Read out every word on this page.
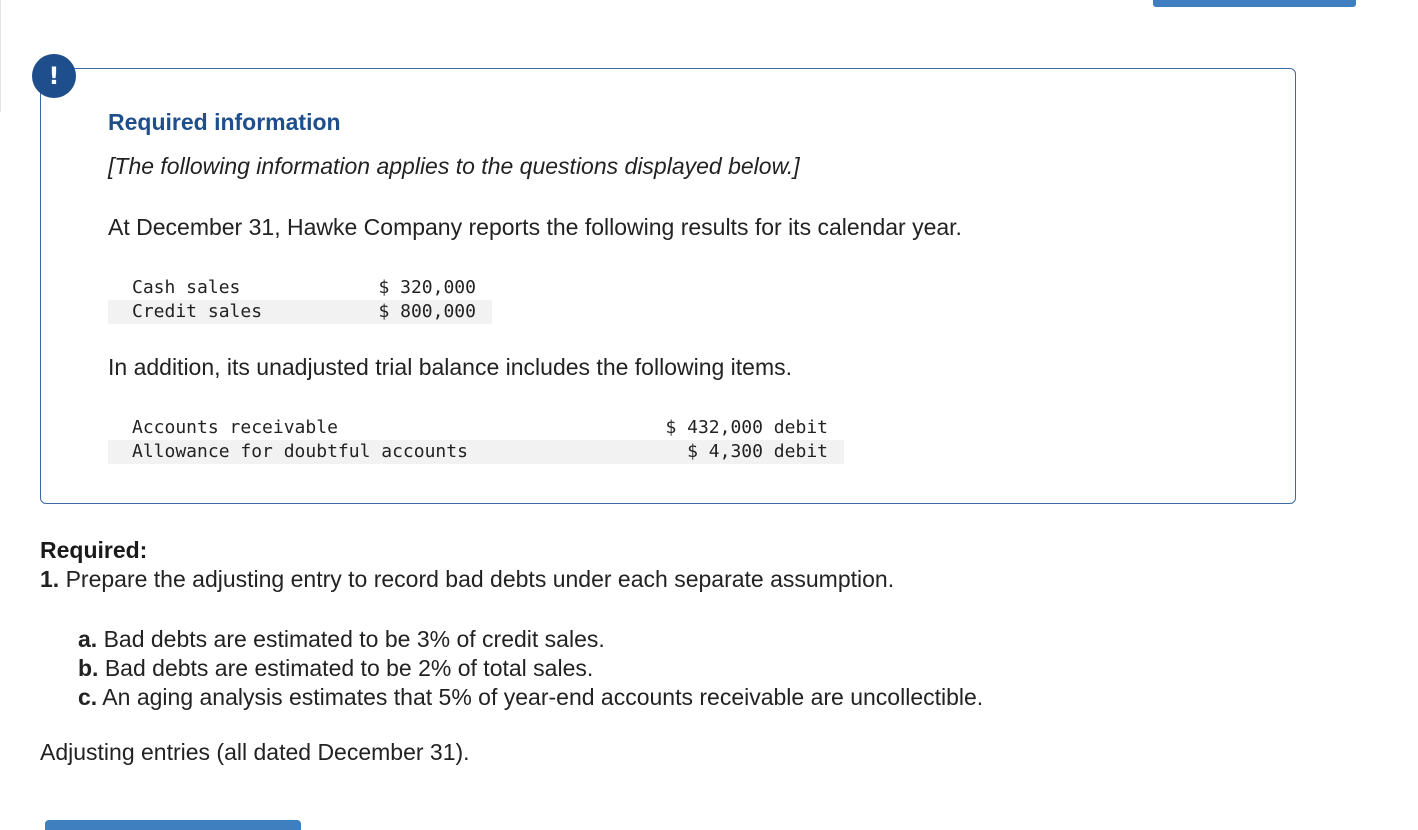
!
Required information
[The following information applies to the questions displayed below.]
At December 31, Hawke Company reports the following results for its calendar year.
Cash sales	$ 320,000
Credit sales	$ 800,000
In addition, its unadjusted trial balance includes the following items.
Accounts receivable	$ 432,000 debit
Allowance for doubtful accounts	$ 4,300 debit
Required:
1. Prepare the adjusting entry to record bad debts under each separate assumption.
a. Bad debts are estimated to be 3% of credit sales.
b. Bad debts are estimated to be 2% of total sales.
c. An aging analysis estimates that 5% of year-end accounts receivable are uncollectible.
Adjusting entries (all dated December 31).
